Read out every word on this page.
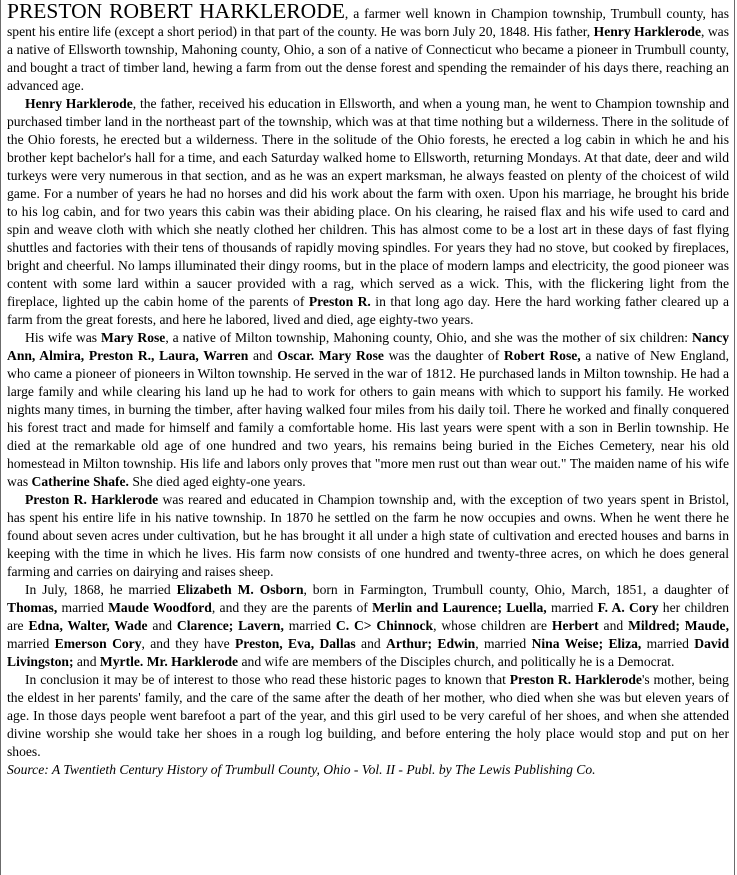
PRESTON ROBERT HARKLERODE, a farmer well known in Champion township, Trumbull county, has spent his entire life (except a short period) in that part of the county. He was born July 20, 1848. His father, Henry Harklerode, was a native of Ellsworth township, Mahoning county, Ohio, a son of a native of Connecticut who became a pioneer in Trumbull county, and bought a tract of timber land, hewing a farm from out the dense forest and spending the remainder of his days there, reaching an advanced age.

Henry Harklerode, the father, received his education in Ellsworth, and when a young man, he went to Champion township and purchased timber land in the northeast part of the township, which was at that time nothing but a wilderness. There in the solitude of the Ohio forests, he erected but a wilderness. There in the solitude of the Ohio forests, he erected a log cabin in which he and his brother kept bachelor's hall for a time, and each Saturday walked home to Ellsworth, returning Mondays. At that date, deer and wild turkeys were very numerous in that section, and as he was an expert marksman, he always feasted on plenty of the choicest of wild game. For a number of years he had no horses and did his work about the farm with oxen. Upon his marriage, he brought his bride to his log cabin, and for two years this cabin was their abiding place. On his clearing, he raised flax and his wife used to card and spin and weave cloth with which she neatly clothed her children. This has almost come to be a lost art in these days of fast flying shuttles and factories with their tens of thousands of rapidly moving spindles. For years they had no stove, but cooked by fireplaces, bright and cheerful. No lamps illuminated their dingy rooms, but in the place of modern lamps and electricity, the good pioneer was content with some lard within a saucer provided with a rag, which served as a wick. This, with the flickering light from the fireplace, lighted up the cabin home of the parents of Preston R. in that long ago day. Here the hard working father cleared up a farm from the great forests, and here he labored, lived and died, age eighty-two years.

His wife was Mary Rose, a native of Milton township, Mahoning county, Ohio, and she was the mother of six children: Nancy Ann, Almira, Preston R., Laura, Warren and Oscar. Mary Rose was the daughter of Robert Rose, a native of New England, who came a pioneer of pioneers in Wilton township. He served in the war of 1812. He purchased lands in Milton township. He had a large family and while clearing his land up he had to work for others to gain means with which to support his family. He worked nights many times, in burning the timber, after having walked four miles from his daily toil. There he worked and finally conquered his forest tract and made for himself and family a comfortable home. His last years were spent with a son in Berlin township. He died at the remarkable old age of one hundred and two years, his remains being buried in the Eiches Cemetery, near his old homestead in Milton township. His life and labors only proves that "more men rust out than wear out." The maiden name of his wife was Catherine Shafe. She died aged eighty-one years.

Preston R. Harklerode was reared and educated in Champion township and, with the exception of two years spent in Bristol, has spent his entire life in his native township. In 1870 he settled on the farm he now occupies and owns. When he went there he found about seven acres under cultivation, but he has brought it all under a high state of cultivation and erected houses and barns in keeping with the time in which he lives. His farm now consists of one hundred and twenty-three acres, on which he does general farming and carries on dairying and raises sheep.

In July, 1868, he married Elizabeth M. Osborn, born in Farmington, Trumbull county, Ohio, March, 1851, a daughter of Thomas, married Maude Woodford, and they are the parents of Merlin and Laurence; Luella, married F. A. Cory her children are Edna, Walter, Wade and Clarence; Lavern, married C. C> Chinnock, whose children are Herbert and Mildred; Maude, married Emerson Cory, and they have Preston, Eva, Dallas and Arthur; Edwin, married Nina Weise; Eliza, married David Livingston; and Myrtle. Mr. Harklerode and wife are members of the Disciples church, and politically he is a Democrat.

In conclusion it may be of interest to those who read these historic pages to known that Preston R. Harklerode's mother, being the eldest in her parents' family, and the care of the same after the death of her mother, who died when she was but eleven years of age. In those days people went barefoot a part of the year, and this girl used to be very careful of her shoes, and when she attended divine worship she would take her shoes in a rough log building, and before entering the holy place would stop and put on her shoes.

Source: A Twentieth Century History of Trumbull County, Ohio - Vol. II - Publ. by The Lewis Publishing Co.
